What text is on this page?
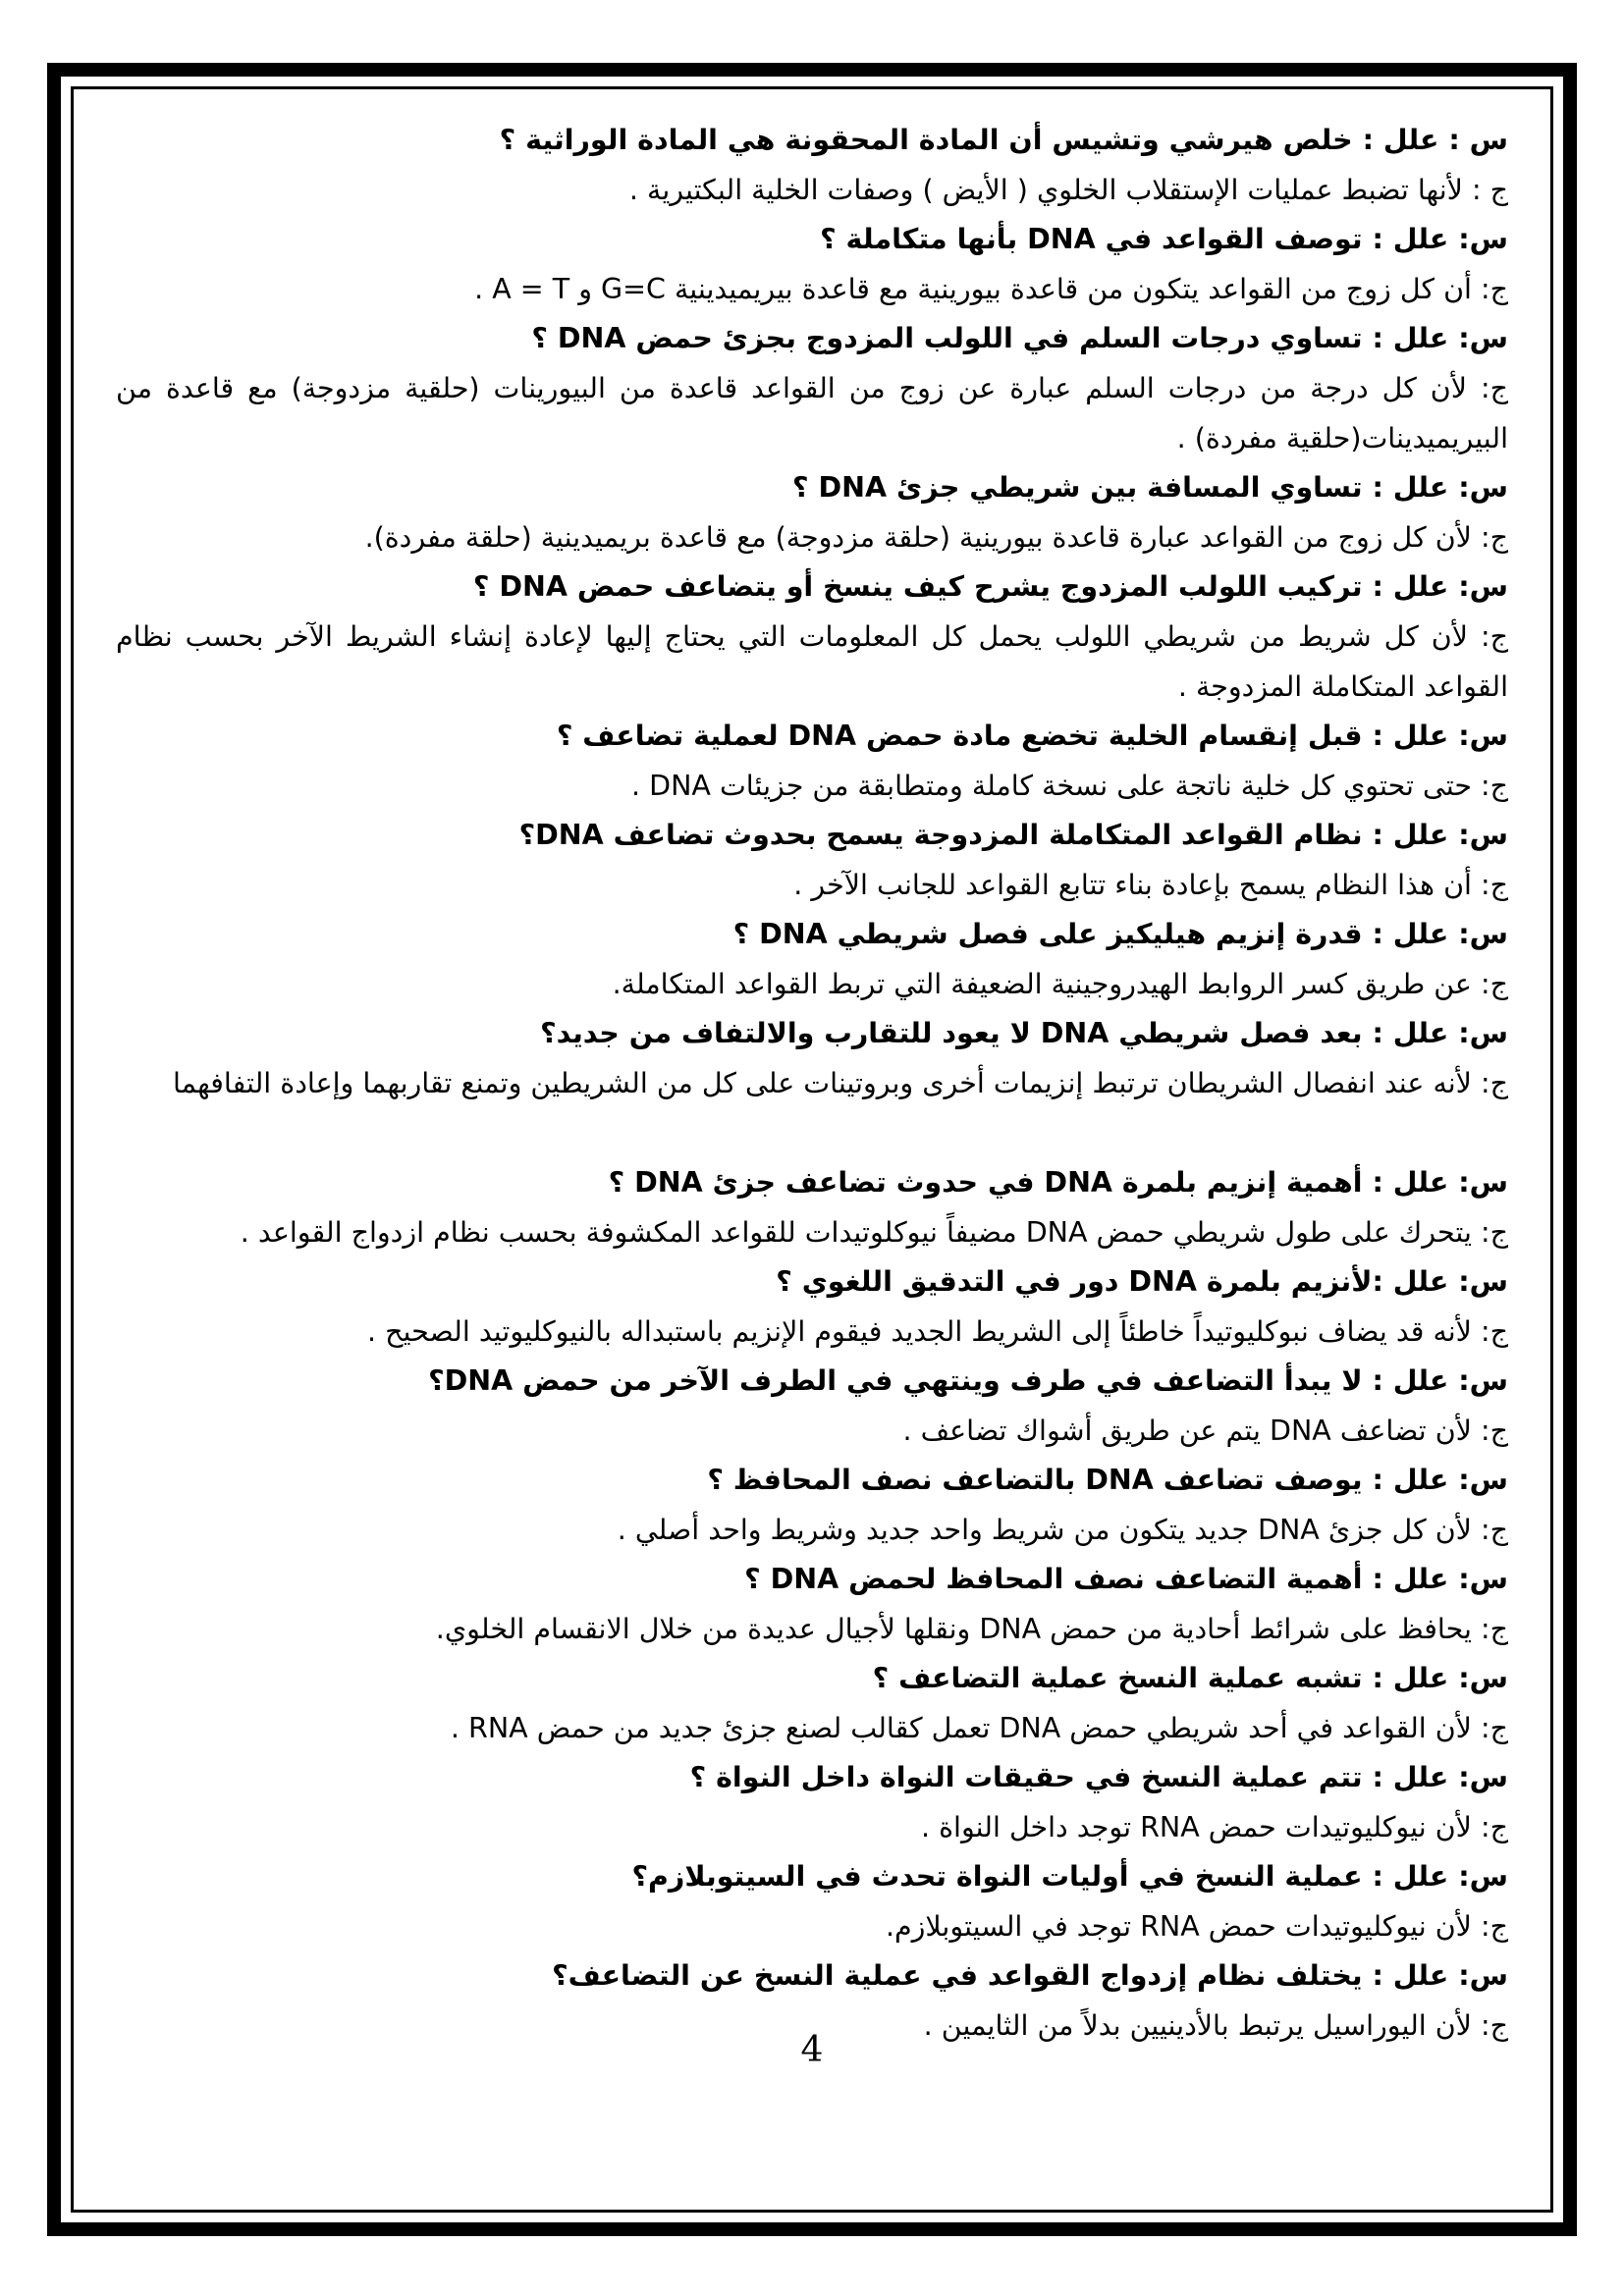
س : علل : خلص هيرشي وتشيس أن المادة المحقونة هي المادة الوراثية ؟
ج : لأنها تضبط عمليات الإستقلاب الخلوي ( الأيض ) وصفات الخلية البكتيرية .
س: علل : توصف القواعد في DNA بأنها متكاملة ؟
ج: أن كل زوج من القواعد يتكون من قاعدة بيورينية مع قاعدة بيريميدينية G=C و A = T .
س: علل : تساوي درجات السلم في اللولب المزدوج بجزئ حمض DNA ؟
ج: لأن كل درجة من درجات السلم عبارة عن زوج من القواعد قاعدة من البيورينات (حلقية مزدوجة) مع قاعدة من البيريميدينات(حلقية مفردة) .
س: علل : تساوي المسافة بين شريطي جزئ DNA ؟
ج: لأن كل زوج من القواعد عبارة قاعدة بيورينية (حلقة مزدوجة) مع قاعدة بريميدينية (حلقة مفردة).
س: علل : تركيب اللولب المزدوج يشرح كيف ينسخ أو يتضاعف حمض DNA ؟
ج: لأن كل شريط من شريطي اللولب يحمل كل المعلومات التي يحتاج إليها لإعادة إنشاء الشريط الآخر بحسب نظام القواعد المتكاملة المزدوجة .
س: علل : قبل إنقسام الخلية تخضع مادة حمض DNA لعملية تضاعف ؟
ج: حتى تحتوي كل خلية ناتجة على نسخة كاملة ومتطابقة من جزيئات DNA .
س: علل : نظام القواعد المتكاملة المزدوجة يسمح بحدوث تضاعف DNA؟
ج: أن هذا النظام يسمح بإعادة بناء تتابع القواعد للجانب الآخر .
س: علل : قدرة إنزيم هيليكيز على فصل شريطي DNA ؟
ج: عن طريق كسر الروابط الهيدروجينية الضعيفة التي تربط القواعد المتكاملة.
س: علل : بعد فصل شريطي DNA لا يعود للتقارب والالتفاف من جديد؟
ج: لأنه عند انفصال الشريطان ترتبط إنزيمات أخرى وبروتينات على كل من الشريطين وتمنع تقاربهما وإعادة التفافهما
س: علل : أهمية إنزيم بلمرة DNA في حدوث تضاعف جزئ DNA ؟
ج: يتحرك على طول شريطي حمض DNA مضيفاً نيوكلوتيدات للقواعد المكشوفة بحسب نظام ازدواج القواعد .
س: علل :لأنزيم بلمرة DNA دور في التدقيق اللغوي ؟
ج: لأنه قد يضاف نبوكليوتيداً خاطئاً إلى الشريط الجديد فيقوم الإنزيم باستبداله بالنيوكليوتيد الصحيح .
س: علل : لا يبدأ التضاعف في طرف وينتهي في الطرف الآخر من حمض DNA؟
ج: لأن تضاعف DNA يتم عن طريق أشواك تضاعف .
س: علل : يوصف تضاعف DNA بالتضاعف نصف المحافظ ؟
ج: لأن كل جزئ DNA جديد يتكون من شريط واحد جديد وشريط واحد أصلي .
س: علل : أهمية التضاعف نصف المحافظ لحمض DNA ؟
ج: يحافظ على شرائط أحادية من حمض DNA ونقلها لأجيال عديدة من خلال الانقسام الخلوي.
س: علل : تشبه عملية النسخ عملية التضاعف ؟
ج: لأن القواعد في أحد شريطي حمض DNA تعمل كقالب لصنع جزئ جديد من حمض RNA .
س: علل : تتم عملية النسخ في حقيقات النواة داخل النواة ؟
ج: لأن نيوكليوتيدات حمض RNA توجد داخل النواة .
س: علل : عملية النسخ في أوليات النواة تحدث في السيتوبلازم؟
ج: لأن نيوكليوتيدات حمض RNA توجد في السيتوبلازم.
س: علل : يختلف نظام إزدواج القواعد في عملية النسخ عن التضاعف؟
ج: لأن اليوراسيل يرتبط بالأدينيين بدلاً من الثايمين .
4
